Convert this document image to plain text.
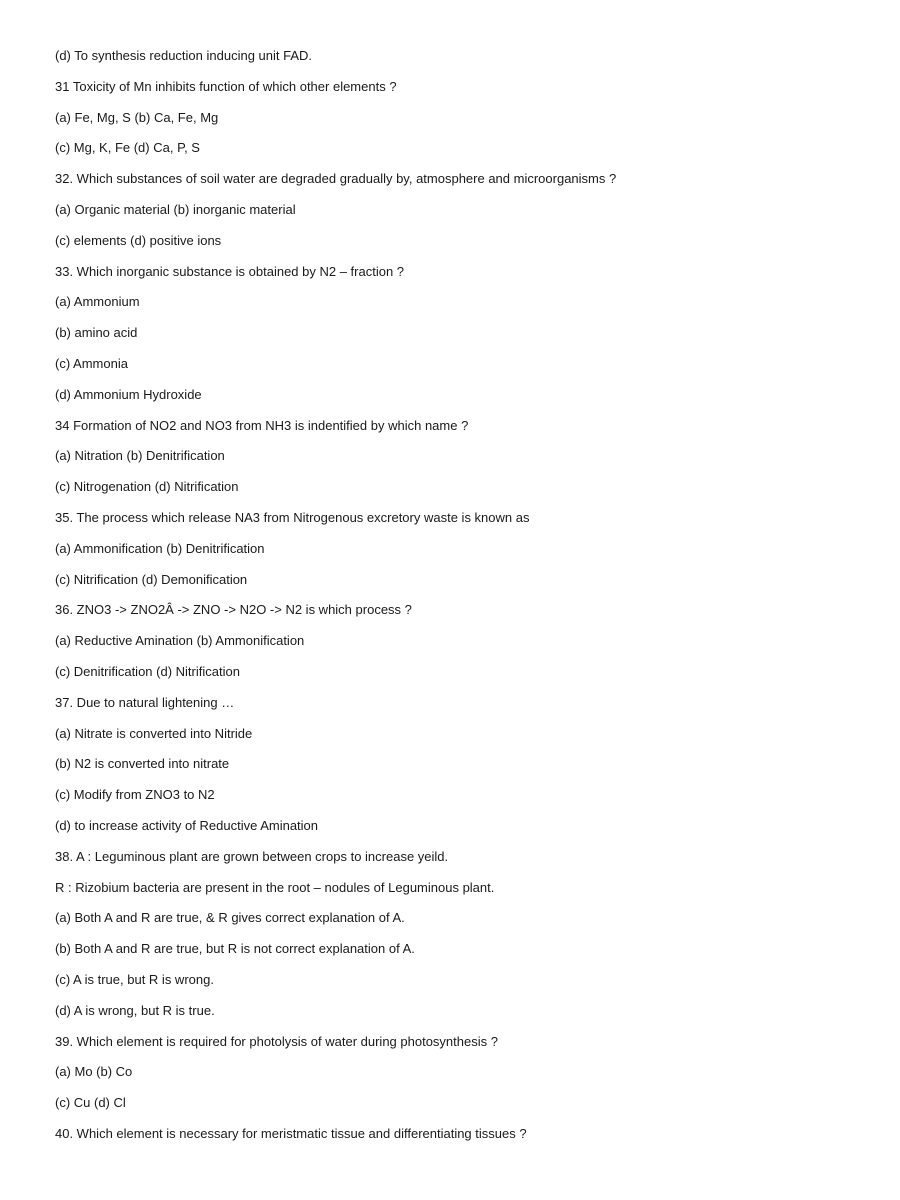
(d) To synthesis reduction inducing unit FAD.
31 Toxicity of Mn inhibits function of which other elements ?
(a) Fe, Mg, S (b) Ca, Fe, Mg
(c) Mg, K, Fe (d) Ca, P, S
32. Which substances of soil water are degraded gradually by, atmosphere and microorganisms ?
(a) Organic material (b) inorganic material
(c) elements (d) positive ions
33. Which inorganic substance is obtained by N2 – fraction ?
(a) Ammonium
(b) amino acid
(c) Ammonia
(d) Ammonium Hydroxide
34 Formation of NO2 and NO3 from NH3 is indentified by which name ?
(a) Nitration (b) Denitrification
(c) Nitrogenation (d) Nitrification
35. The process which release NA3 from Nitrogenous excretory waste is known as
(a) Ammonification (b) Denitrification
(c) Nitrification (d) Demonification
36. ZNO3 -> ZNO2Â -> ZNO -> N2O -> N2 is which process ?
(a) Reductive Amination (b) Ammonification
(c) Denitrification (d) Nitrification
37. Due to natural lightening …
(a) Nitrate is converted into Nitride
(b) N2 is converted into nitrate
(c) Modify from ZNO3 to N2
(d) to increase activity of Reductive Amination
38. A : Leguminous plant are grown between crops to increase yeild.
R : Rizobium bacteria are present in the root – nodules of Leguminous plant.
(a) Both A and R are true, & R gives correct explanation of A.
(b) Both A and R are true, but R is not correct explanation of A.
(c) A is true, but R is wrong.
(d) A is wrong, but R is true.
39. Which element is required for photolysis of water during photosynthesis ?
(a) Mo (b) Co
(c) Cu (d) Cl
40. Which element is necessary for meristmatic tissue and differentiating tissues ?
